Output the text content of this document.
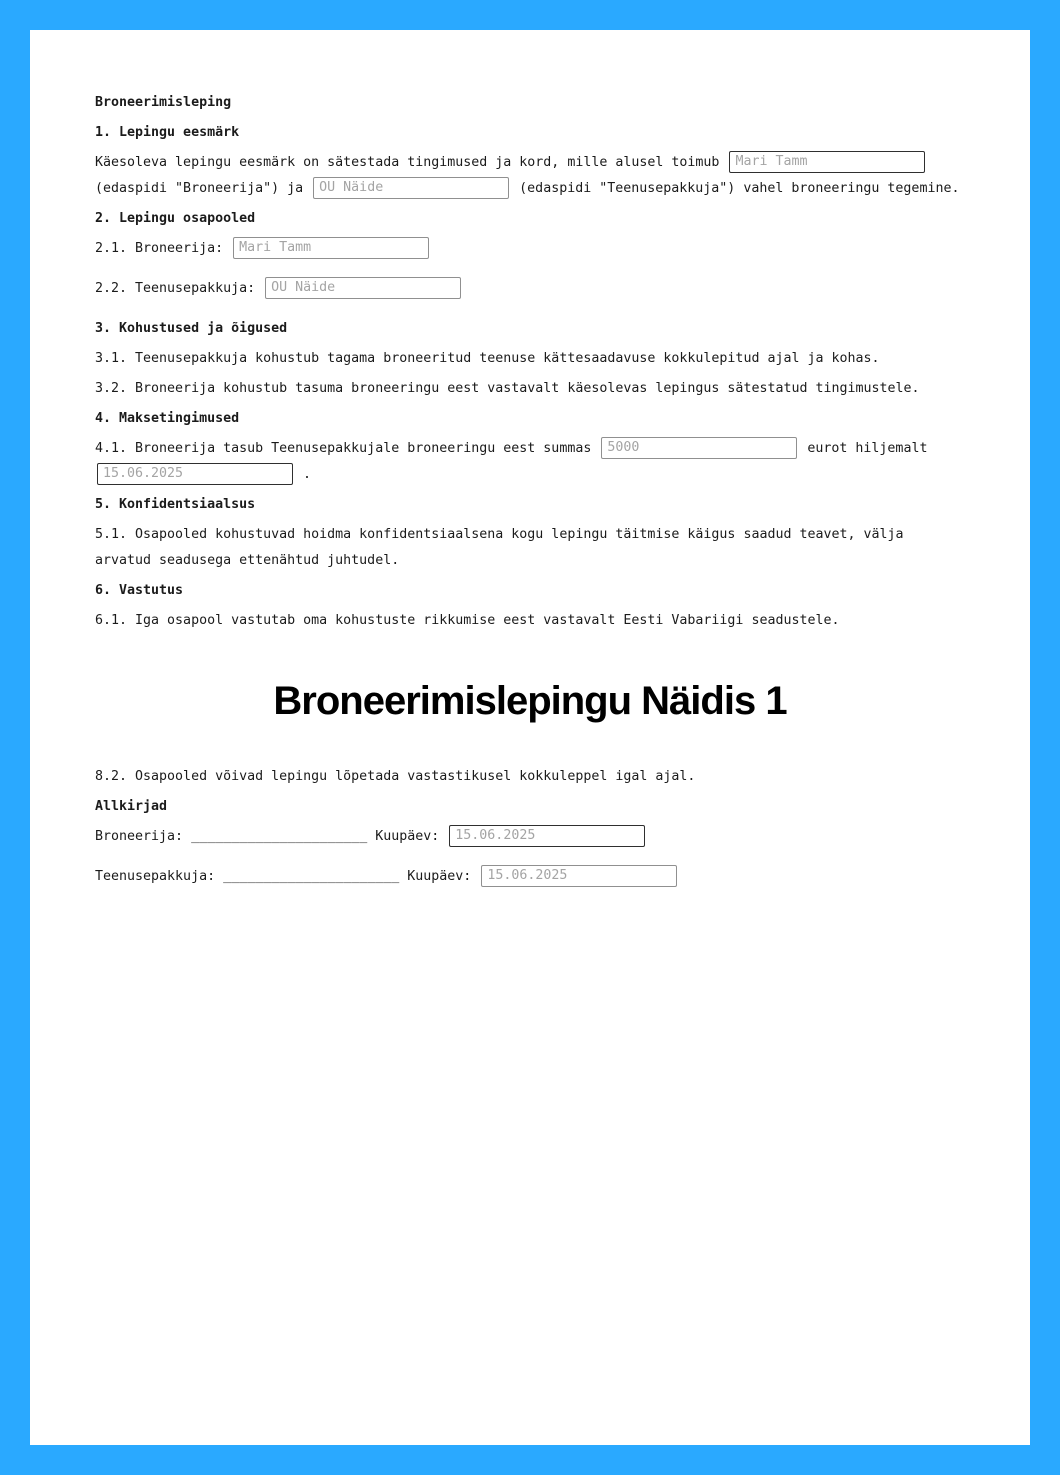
Broneerimisleping
1. Lepingu eesmärk

Käesoleva lepingu eesmärk on sätestada tingimused ja kord, mille alusel toimub Mari Tamm (edaspidi "Broneerija") ja OÜ Näide	(edaspidi "Teenusepakkuja") vahel broneeringu tegemine.

2. Lepingu osapooled

2.1. Broneerija: Mari Tamm

2.2. Teenusepakkuja: OÜ Näide

3. Kohustused ja õigused

3.1. Teenusepakkuja kohustub tagama broneeritud teenuse kättesaadavuse kokkulepitud ajal ja kohas.

3.2. Broneerija kohustub tasuma broneeringu eest vastavalt käesolevas lepingus sätestatud tingimustele.

4. Maksetingimused

4.1. Broneerija tasub Teenusepakkujale broneeringu eest summas 5000	eurot hiljemalt 15.06.2025 .

5. Konfidentsiaalsus

5.1. Osapooled kohustuvad hoidma konfidentsiaalsena kogu lepingu täitmise käigus saadud teavet, välja arvatud seadusega ettenähtud juhtudel.

6. Vastutus

6.1. Iga osapool vastutab oma kohustuste rikkumise eest vastavalt Eesti Vabariigi seadustele.

Broneerimislepingu Näidis 1

8.2. Osapooled võivad lepingu lõpetada vastastikusel kokkuleppel igal ajal.

Allkirjad

Broneerija: ______________________ Kuupäev: 15.06.2025

Teenusepakkuja: ______________________ Kuupäev: 15.06.2025
